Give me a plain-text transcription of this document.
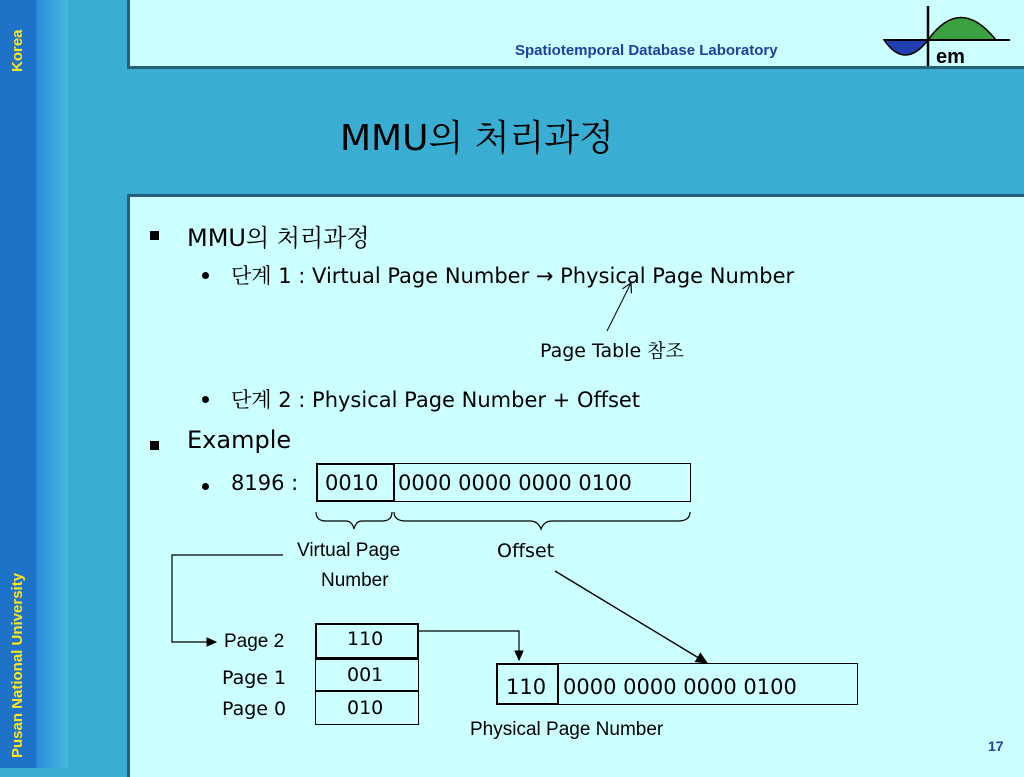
Korea
Pusan National University
Spatiotemporal Database Laboratory	em
MMU의 처리과정
MMU의 처리과정
단계 1 : Virtual Page Number → Physical Page Number
Page Table 참조
단계 2 : Physical Page Number + Offset
Example
8196 : 0010 0000 0000 0000 0100
Virtual Page
Number
Offset
Page 2
Page 1
Page 0
110
001
010
110 0000 0000 0000 0100
Physical Page Number
17
